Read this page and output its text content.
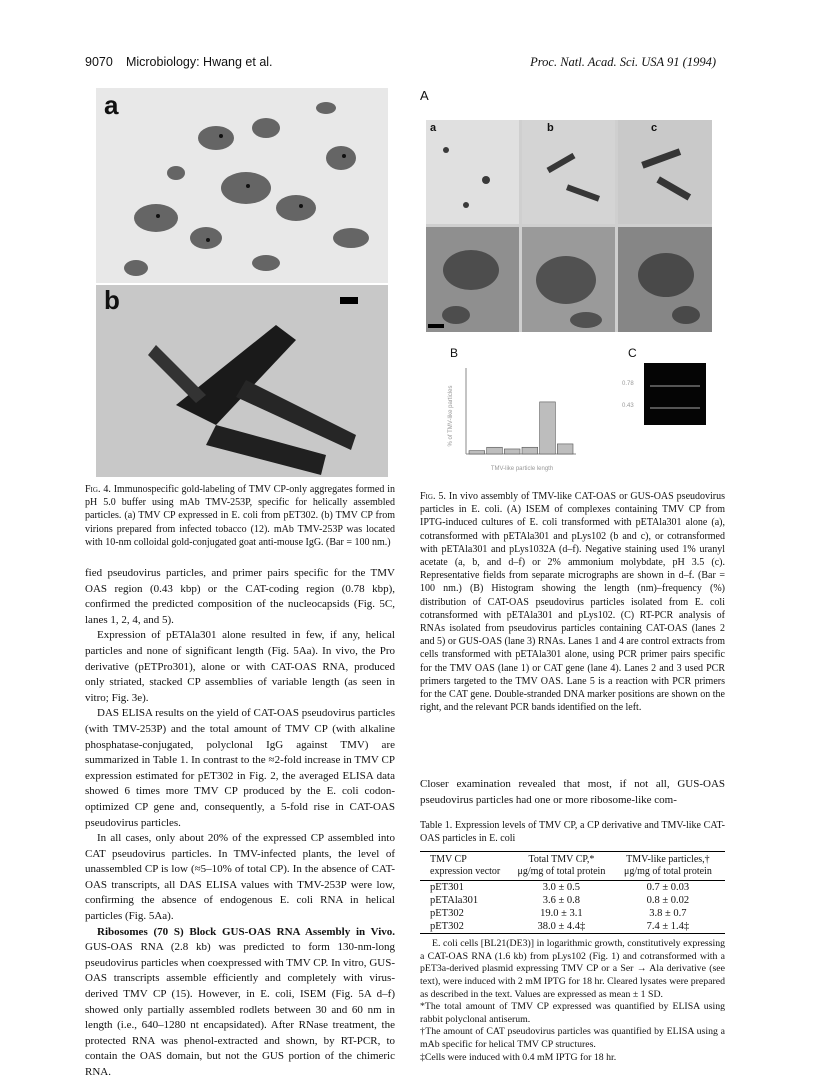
9070 Microbiology: Hwang et al.	Proc. Natl. Acad. Sci. USA 91 (1994)
a
b
Fig. 4. Immunospecific gold-labeling of TMV CP-only aggregates formed in pH 5.0 buffer using mAb TMV-253P, specific for helically assembled particles. (a) TMV CP expressed in E. coli from pET302. (b) TMV CP from virions prepared from infected tobacco (12). mAb TMV-253P was located with 10-nm colloidal gold-conjugated goat anti-mouse IgG. (Bar = 100 nm.)
A
a	b	c
B
% of TMV-like particles
TMV-like particle length
C
0.78
0.43
Fig. 5. In vivo assembly of TMV-like CAT-OAS or GUS-OAS pseudovirus particles in E. coli. (A) ISEM of complexes containing TMV CP from IPTG-induced cultures of E. coli transformed with pETAla301 alone (a), cotransformed with pETAla301 and pLys102 (b and c), or cotransformed with pETAla301 and pLys1032A (d–f). Negative staining used 1% uranyl acetate (a, b, and d–f) or 2% ammonium molybdate, pH 3.5 (c). Representative fields from separate micrographs are shown in d–f. (Bar = 100 nm.) (B) Histogram showing the length (nm)–frequency (%) distribution of CAT-OAS pseudovirus particles isolated from E. coli cotransformed with pETAla301 and pLys102. (C) RT-PCR analysis of RNAs isolated from pseudovirus particles containing CAT-OAS (lanes 2 and 5) or GUS-OAS (lane 3) RNAs. Lanes 1 and 4 are control extracts from cells transformed with pETAla301 alone, using PCR primer pairs specific for the TMV OAS (lane 1) or CAT gene (lane 4). Lanes 2 and 3 used PCR primers targeted to the TMV OAS. Lane 5 is a reaction with PCR primers for the CAT gene. Double-stranded DNA marker positions are shown on the right, and the relevant PCR bands identified on the left.

fied pseudovirus particles, and primer pairs specific for the TMV OAS region (0.43 kbp) or the CAT-coding region (0.78 kbp), confirmed the predicted composition of the nucleocapsids (Fig. 5C, lanes 1, 2, 4, and 5).

Expression of pETAla301 alone resulted in few, if any, helical particles and none of significant length (Fig. 5Aa). In vivo, the Pro derivative (pETPro301), alone or with CAT-OAS RNA, produced only striated, stacked CP assemblies of variable length (as seen in vitro; Fig. 3e).

DAS ELISA results on the yield of CAT-OAS pseudovirus particles (with TMV-253P) and the total amount of TMV CP (with alkaline phosphatase-conjugated, polyclonal IgG against TMV) are summarized in Table 1. In contrast to the ≈2-fold increase in TMV CP expression estimated for pET302 in Fig. 2, the averaged ELISA data showed 6 times more TMV CP produced by the E. coli codon-optimized CP gene and, consequently, a 5-fold rise in CAT-OAS pseudovirus particles.

In all cases, only about 20% of the expressed CP assembled into CAT pseudovirus particles. In TMV-infected plants, the level of unassembled CP is low (≈5–10% of total CP). In the absence of CAT-OAS transcripts, all DAS ELISA values with TMV-253P were low, confirming the absence of endogenous E. coli RNA in helical particles (Fig. 5Aa).

Ribosomes (70 S) Block GUS-OAS RNA Assembly in Vivo. GUS-OAS RNA (2.8 kb) was predicted to form 130-nm-long pseudovirus particles when coexpressed with TMV CP. In vitro, GUS-OAS transcripts assemble efficiently and completely with virus-derived TMV CP (15). However, in E. coli, ISEM (Fig. 5A d–f) showed only partially assembled rodlets between 30 and 60 nm in length (i.e., 640–1280 nt encapsidated). After RNase treatment, the protected RNA was phenol-extracted and shown, by RT-PCR, to contain the OAS domain, but not the GUS portion of the chimeric RNA.

Closer examination revealed that most, if not all, GUS-OAS pseudovirus particles had one or more ribosome-like com-

Table 1. Expression levels of TMV CP, a CP derivative and TMV-like CAT-OAS particles in E. coli
TMV CP expression vector	Total TMV CP,* μg/mg of total protein	TMV-like particles,† μg/mg of total protein
pET301	3.0 ± 0.5	0.7 ± 0.03
pETAla301	3.6 ± 0.8	0.8 ± 0.02
pET302	19.0 ± 3.1	3.8 ± 0.7
pET302	38.0 ± 4.4‡	7.4 ± 1.4‡

E. coli cells [BL21(DE3)] in logarithmic growth, constitutively expressing a CAT-OAS RNA (1.6 kb) from pLys102 (Fig. 1) and cotransformed with a pET3a-derived plasmid expressing TMV CP or a Ser → Ala derivative (see text), were induced with 2 mM IPTG for 18 hr. Cleared lysates were prepared as described in the text. Values are expressed as mean ± 1 SD.

*The total amount of TMV CP expressed was quantified by ELISA using rabbit polyclonal antiserum.

†The amount of CAT pseudovirus particles was quantified by ELISA using a mAb specific for helical TMV CP structures.

‡Cells were induced with 0.4 mM IPTG for 18 hr.
